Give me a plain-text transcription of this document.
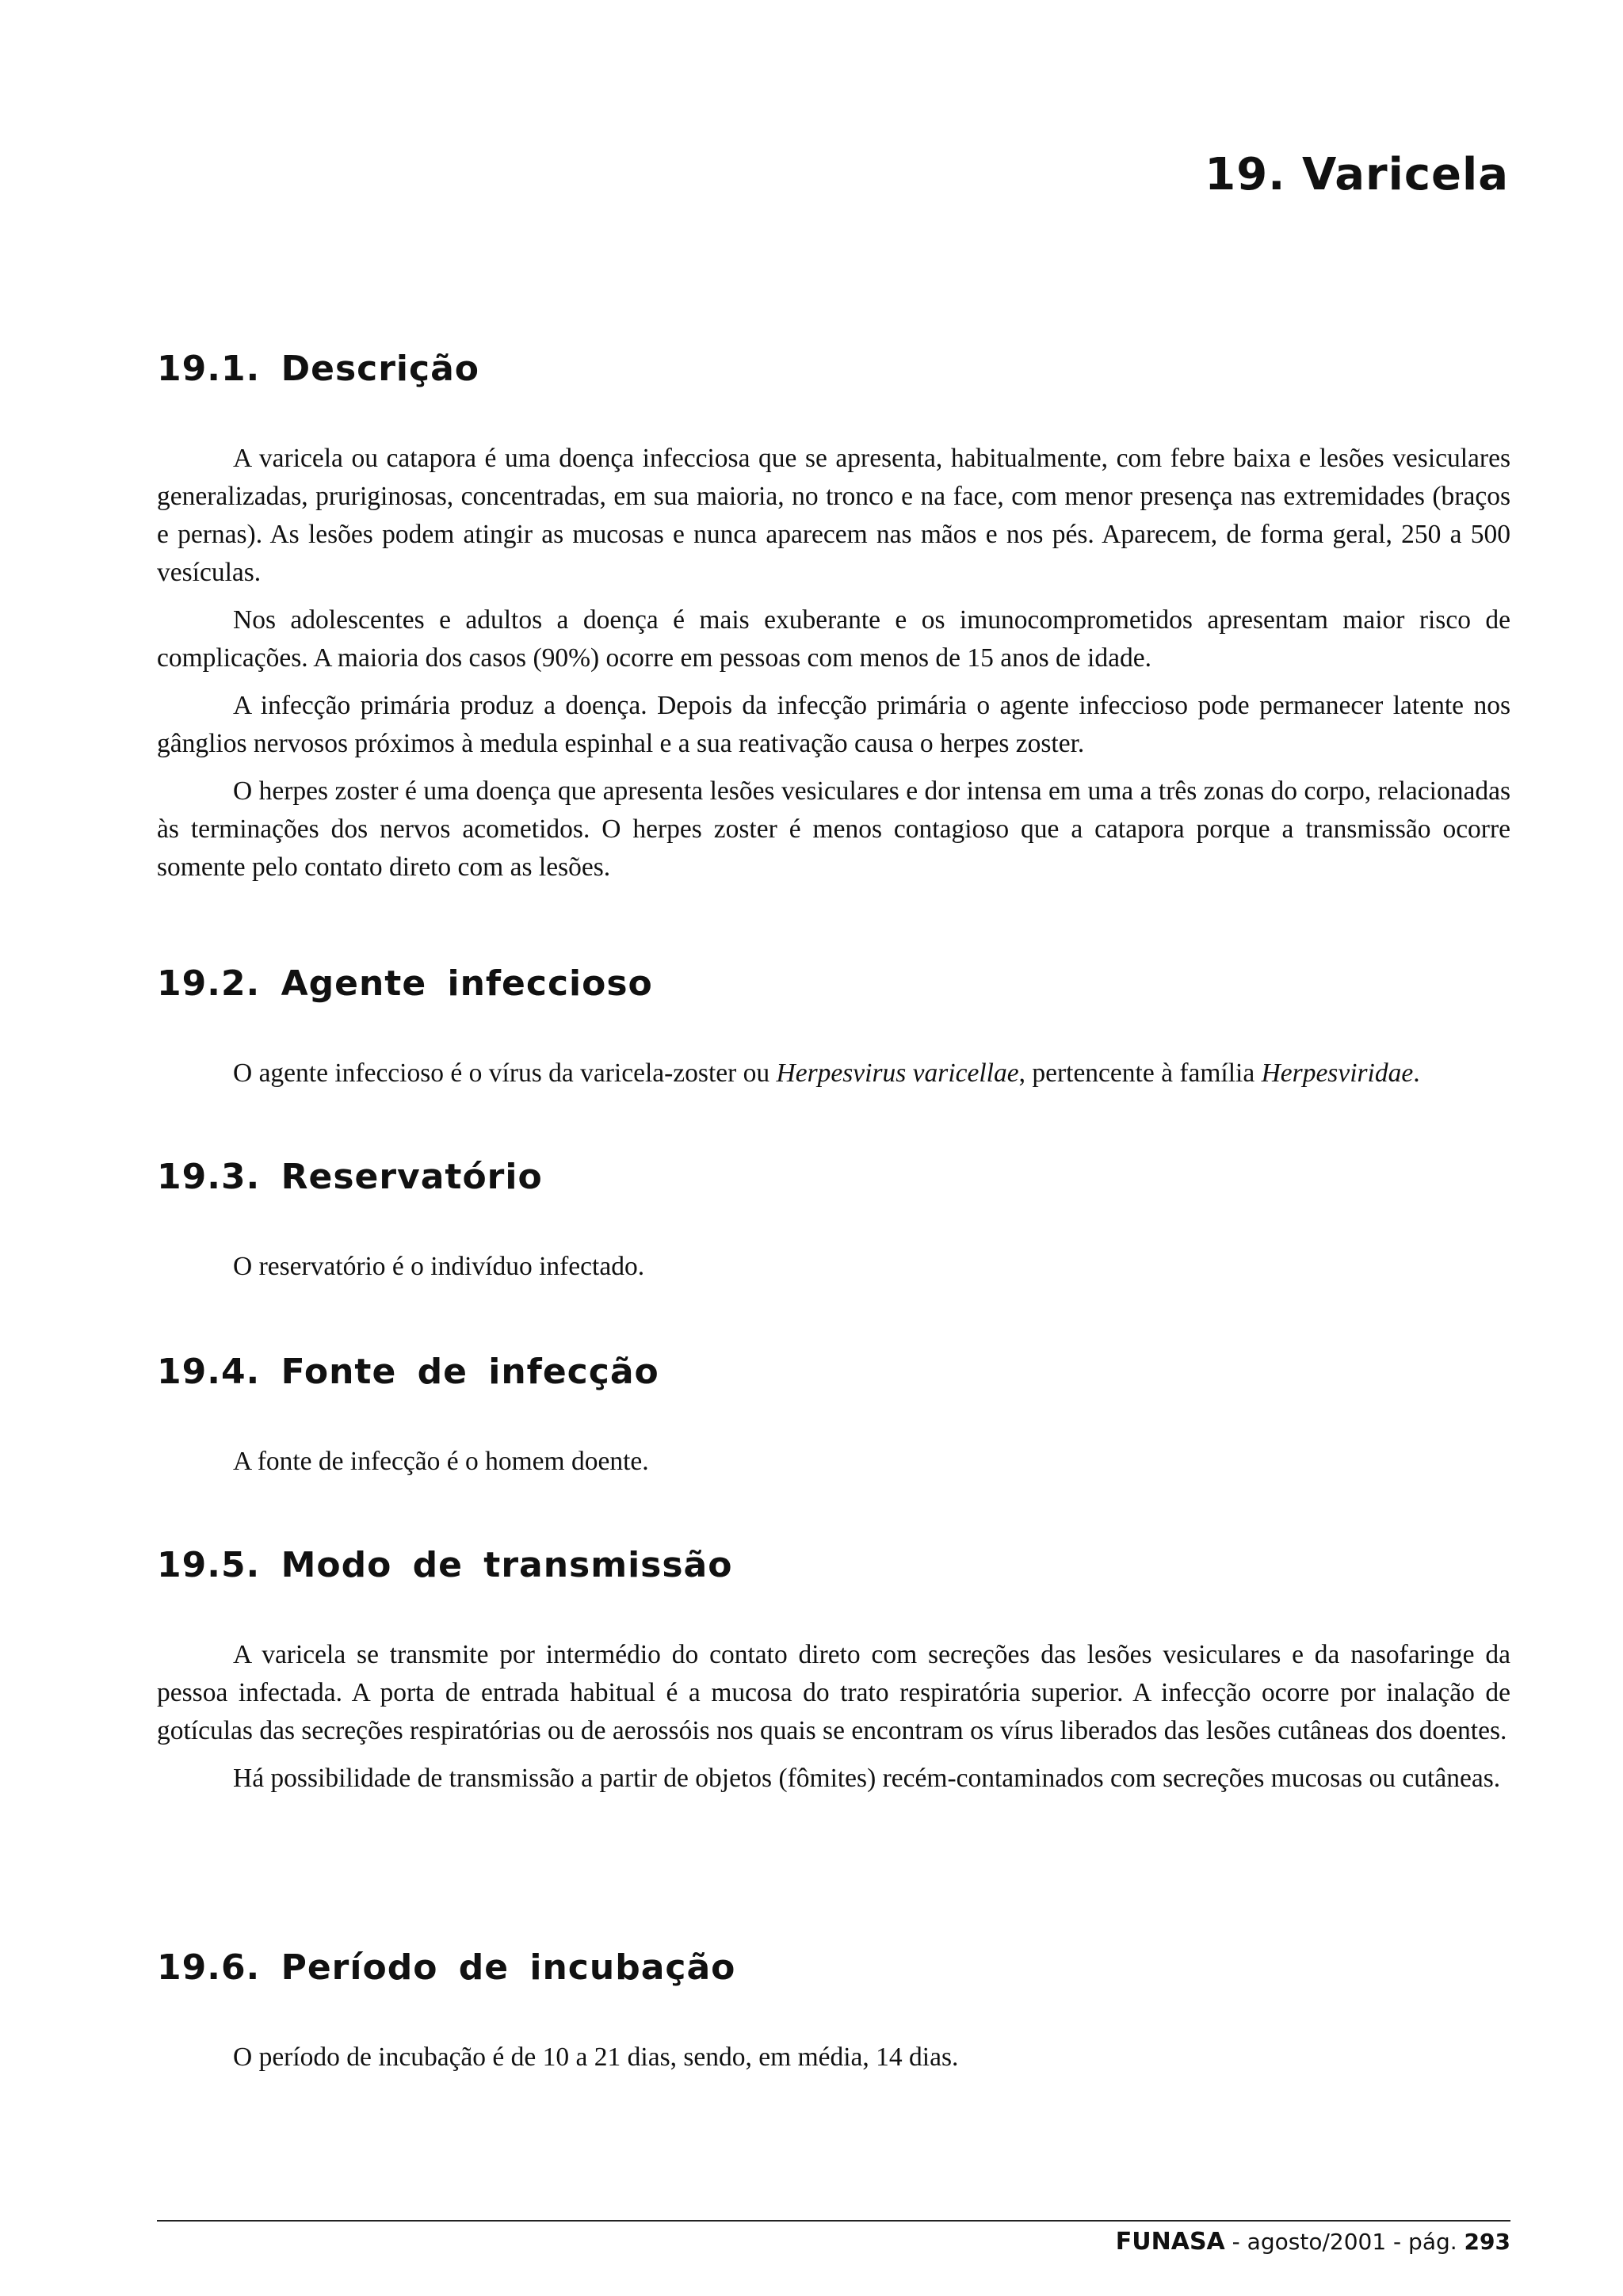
19. Varicela
19.1. Descrição

A varicela ou catapora é uma doença infecciosa que se apresenta, habitualmente, com febre baixa e lesões vesiculares generalizadas, pruriginosas, concentradas, em sua maioria, no tronco e na face, com menor presença nas extremidades (braços e pernas). As lesões podem atingir as mucosas e nunca aparecem nas mãos e nos pés. Aparecem, de forma geral, 250 a 500 vesículas.

Nos adolescentes e adultos a doença é mais exuberante e os imunocomprometidos apresentam maior risco de complicações. A maioria dos casos (90%) ocorre em pessoas com menos de 15 anos de idade.

A infecção primária produz a doença. Depois da infecção primária o agente infeccioso pode permanecer latente nos gânglios nervosos próximos à medula espinhal e a sua reativação causa o herpes zoster.

O herpes zoster é uma doença que apresenta lesões vesiculares e dor intensa em uma a três zonas do corpo, relacionadas às terminações dos nervos acometidos. O herpes zoster é menos contagioso que a catapora porque a transmissão ocorre somente pelo contato direto com as lesões.

19.2. Agente infeccioso

O agente infeccioso é o vírus da varicela-zoster ou Herpesvirus varicellae, pertencente à família Herpesviridae.

19.3. Reservatório

O reservatório é o indivíduo infectado.

19.4. Fonte de infecção

A fonte de infecção é o homem doente.

19.5. Modo de transmissão

A varicela se transmite por intermédio do contato direto com secreções das lesões vesiculares e da nasofaringe da pessoa infectada. A porta de entrada habitual é a mucosa do trato respiratória superior. A infecção ocorre por inalação de gotículas das secreções respiratórias ou de aerossóis nos quais se encontram os vírus liberados das lesões cutâneas dos doentes.

Há possibilidade de transmissão a partir de objetos (fômites) recém-contaminados com secreções mucosas ou cutâneas.

19.6. Período de incubação

O período de incubação é de 10 a 21 dias, sendo, em média, 14 dias.

FUNASA - agosto/2001 - pág. 293
